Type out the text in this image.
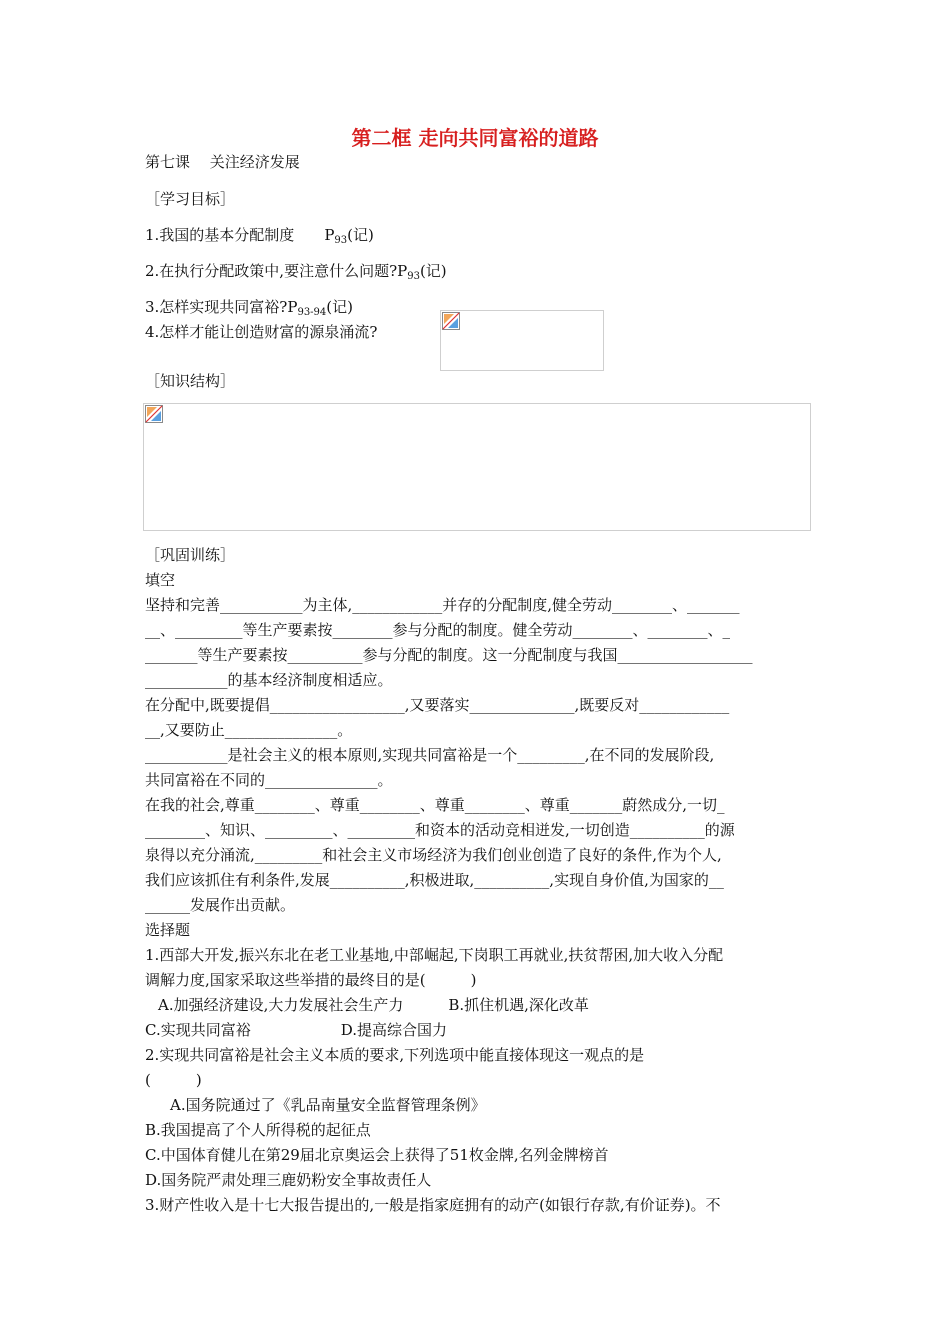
第二框 走向共同富裕的道路
第七课　 关注经济发展
［学习目标］
1.我国的基本分配制度　　$P_{93}$(记)
2.在执行分配政策中,要注意什么问题$?P_{93}$(记)
3.怎样实现共同富裕$?P_{93-94}$(记)
4.怎样才能让创造财富的源泉涌流?
［知识结构］
［巩固训练］
填空
坚持和完善___________为主体,____________并存的分配制度,健全劳动________、_______
__、_________等生产要素按________参与分配的制度。健全劳动________、________、_
_______等生产要素按__________参与分配的制度。这一分配制度与我国__________________
___________的基本经济制度相适应。
在分配中,既要提倡__________________,又要落实______________,既要反对____________
__,又要防止_______________。
___________是社会主义的根本原则,实现共同富裕是一个_________,在不同的发展阶段,
共同富裕在不同的_______________。
在我的社会,尊重________、尊重________、尊重________、尊重_______蔚然成分,一切_
________、知识、_________、_________和资本的活动竞相迸发,一切创造__________的源
泉得以充分涌流,_________和社会主义市场经济为我们创业创造了良好的条件,作为个人,
我们应该抓住有利条件,发展__________,积极进取,__________,实现自身价值,为国家的__
______发展作出贡献。
选择题
1.西部大开发,振兴东北在老工业基地,中部崛起,下岗职工再就业,扶贫帮困,加大收入分配
调解力度,国家采取这些举措的最终目的是(　　　)
A.加强经济建设,大力发展社会生产力　　　B.抓住机遇,深化改革
C.实现共同富裕　　　　　　D.提高综合国力
2.实现共同富裕是社会主义本质的要求,下列选项中能直接体现这一观点的是
(　　　)
A.国务院通过了《乳品南量安全监督管理条例》
B.我国提高了个人所得税的起征点
C.中国体育健儿在第29届北京奥运会上获得了51枚金牌,名列金牌榜首
D.国务院严肃处理三鹿奶粉安全事故责任人
3.财产性收入是十七大报告提出的,一般是指家庭拥有的动产(如银行存款,有价证券)。不
